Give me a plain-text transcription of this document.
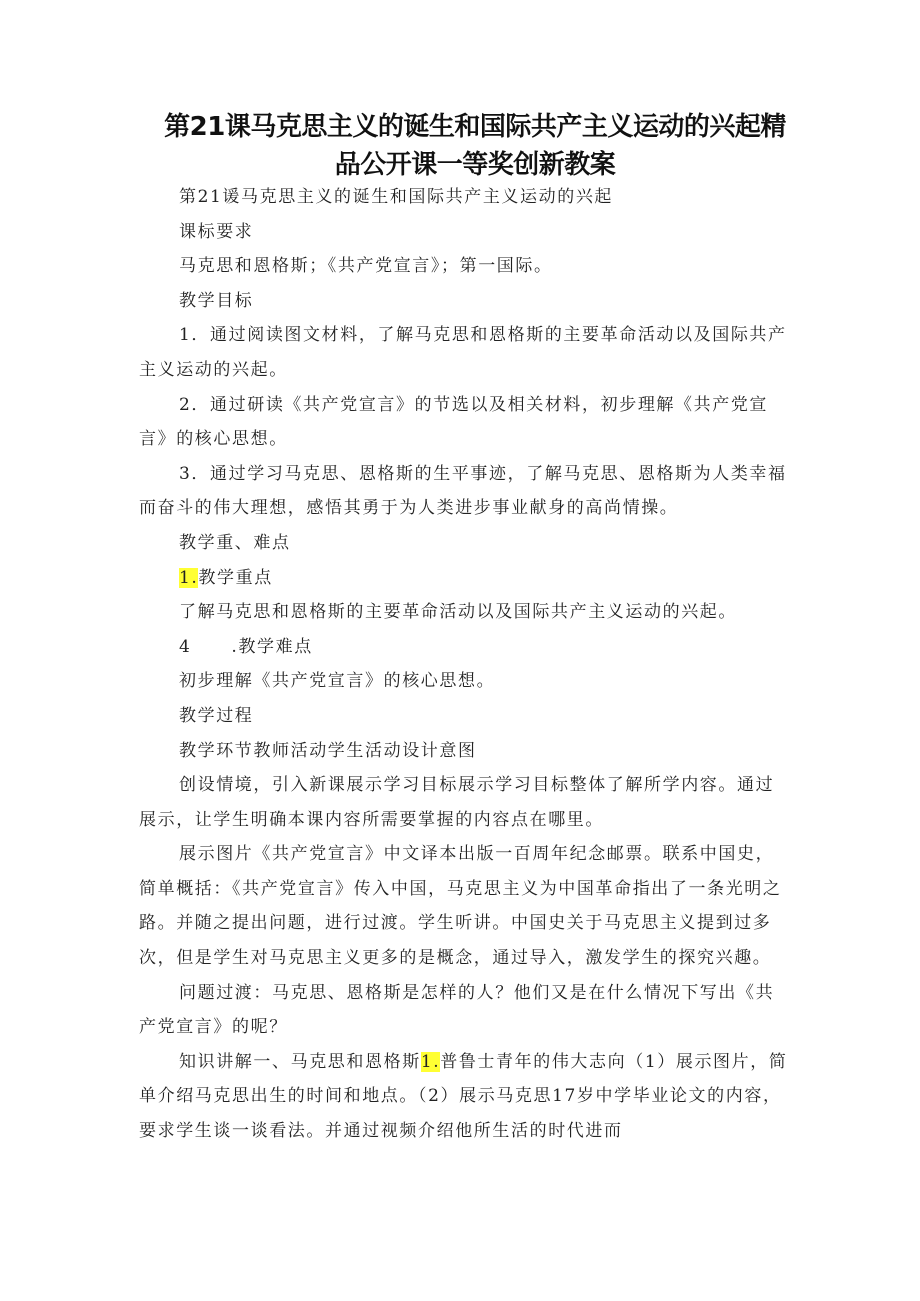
第21课马克思主义的诞生和国际共产主义运动的兴起精品公开课一等奖创新教案

第21谖马克思主义的诞生和国际共产主义运动的兴起

课标要求

马克思和恩格斯；《共产党宣言》；第一国际。

教学目标

1．通过阅读图文材料，了解马克思和恩格斯的主要革命活动以及国际共产主义运动的兴起。

2．通过研读《共产党宣言》的节选以及相关材料，初步理解《共产党宣言》的核心思想。

3．通过学习马克思、恩格斯的生平事迹，了解马克思、恩格斯为人类幸福而奋斗的伟大理想，感悟其勇于为人类进步事业献身的高尚情操。

教学重、难点

1.教学重点

了解马克思和恩格斯的主要革命活动以及国际共产主义运动的兴起。

4 .教学难点

初步理解《共产党宣言》的核心思想。

教学过程

教学环节教师活动学生活动设计意图

创设情境，引入新课展示学习目标展示学习目标整体了解所学内容。通过展示，让学生明确本课内容所需要掌握的内容点在哪里。

展示图片《共产党宣言》中文译本出版一百周年纪念邮票。联系中国史，简单概括：《共产党宣言》传入中国，马克思主义为中国革命指出了一条光明之路。并随之提出问题，进行过渡。学生听讲。中国史关于马克思主义提到过多次，但是学生对马克思主义更多的是概念，通过导入，激发学生的探究兴趣。

问题过渡：马克思、恩格斯是怎样的人？他们又是在什么情况下写出《共产党宣言》的呢？

知识讲解一、马克思和恩格斯1.普鲁士青年的伟大志向（1）展示图片，简单介绍马克思出生的时间和地点。（2）展示马克思17岁中学毕业论文的内容，要求学生谈一谈看法。并通过视频介绍他所生活的时代进而
